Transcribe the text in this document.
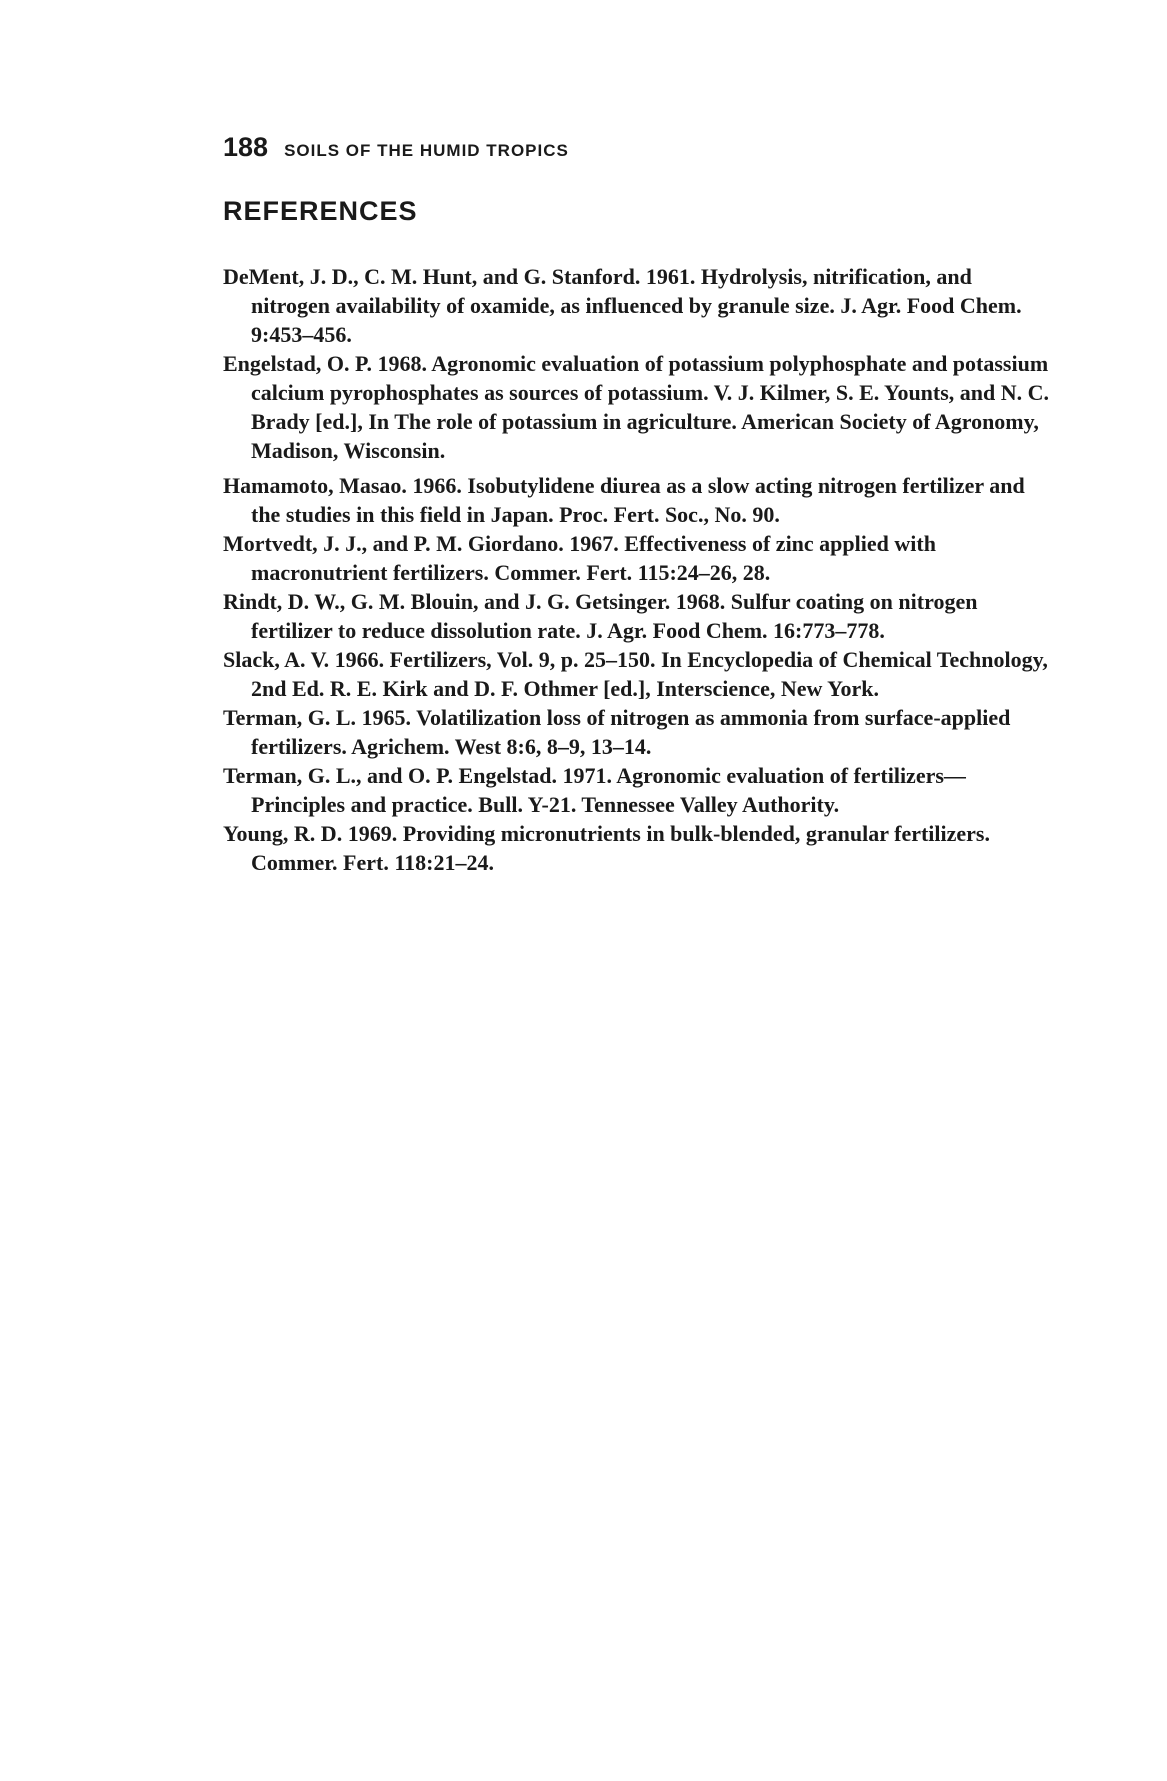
188 SOILS OF THE HUMID TROPICS
REFERENCES
DeMent, J. D., C. M. Hunt, and G. Stanford. 1961. Hydrolysis, nitrification, and nitrogen availability of oxamide, as influenced by granule size. J. Agr. Food Chem. 9:453–456.
Engelstad, O. P. 1968. Agronomic evaluation of potassium polyphosphate and potassium calcium pyrophosphates as sources of potassium. V. J. Kilmer, S. E. Younts, and N. C. Brady [ed.], In The role of potassium in agriculture. American Society of Agronomy, Madison, Wisconsin.
Hamamoto, Masao. 1966. Isobutylidene diurea as a slow acting nitrogen fertilizer and the studies in this field in Japan. Proc. Fert. Soc., No. 90.
Mortvedt, J. J., and P. M. Giordano. 1967. Effectiveness of zinc applied with macronutrient fertilizers. Commer. Fert. 115:24–26, 28.
Rindt, D. W., G. M. Blouin, and J. G. Getsinger. 1968. Sulfur coating on nitrogen fertilizer to reduce dissolution rate. J. Agr. Food Chem. 16:773–778.
Slack, A. V. 1966. Fertilizers, Vol. 9, p. 25–150. In Encyclopedia of Chemical Technology, 2nd Ed. R. E. Kirk and D. F. Othmer [ed.], Interscience, New York.
Terman, G. L. 1965. Volatilization loss of nitrogen as ammonia from surface-applied fertilizers. Agrichem. West 8:6, 8–9, 13–14.
Terman, G. L., and O. P. Engelstad. 1971. Agronomic evaluation of fertilizers—Principles and practice. Bull. Y-21. Tennessee Valley Authority.
Young, R. D. 1969. Providing micronutrients in bulk-blended, granular fertilizers. Commer. Fert. 118:21–24.
